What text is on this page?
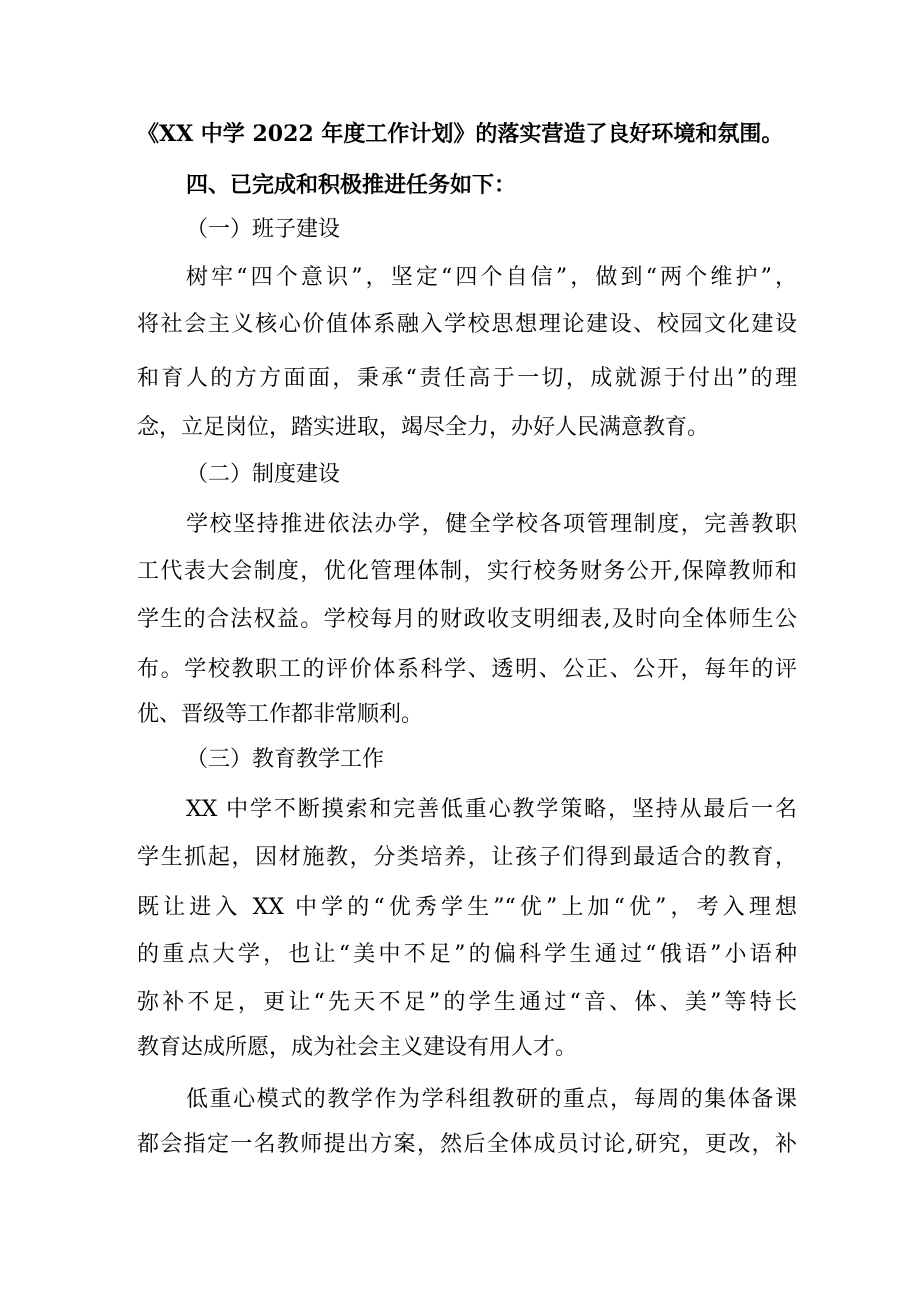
《XX 中学 2022 年度工作计划》的落实营造了良好环境和氛围。
四、已完成和积极推进任务如下：
（一）班子建设
树牢“四个意识”，坚定“四个自信”，做到“两个维护”，
将社会主义核心价值体系融入学校思想理论建设、校园文化建设
和育人的方方面面，秉承“责任高于一切，成就源于付出”的理
念，立足岗位，踏实进取，竭尽全力，办好人民满意教育。
（二）制度建设
学校坚持推进依法办学，健全学校各项管理制度，完善教职
工代表大会制度，优化管理体制，实行校务财务公开,保障教师和
学生的合法权益。学校每月的财政收支明细表,及时向全体师生公
布。学校教职工的评价体系科学、透明、公正、公开，每年的评
优、晋级等工作都非常顺利。
（三）教育教学工作
XX 中学不断摸索和完善低重心教学策略，坚持从最后一名
学生抓起，因材施教，分类培养，让孩子们得到最适合的教育，
既让进入 XX 中学的“优秀学生”“优”上加“优”，考入理想
的重点大学，也让“美中不足”的偏科学生通过“俄语”小语种
弥补不足，更让“先天不足”的学生通过“音、体、美”等特长
教育达成所愿，成为社会主义建设有用人才。
低重心模式的教学作为学科组教研的重点，每周的集体备课
都会指定一名教师提出方案，然后全体成员讨论,研究，更改，补
